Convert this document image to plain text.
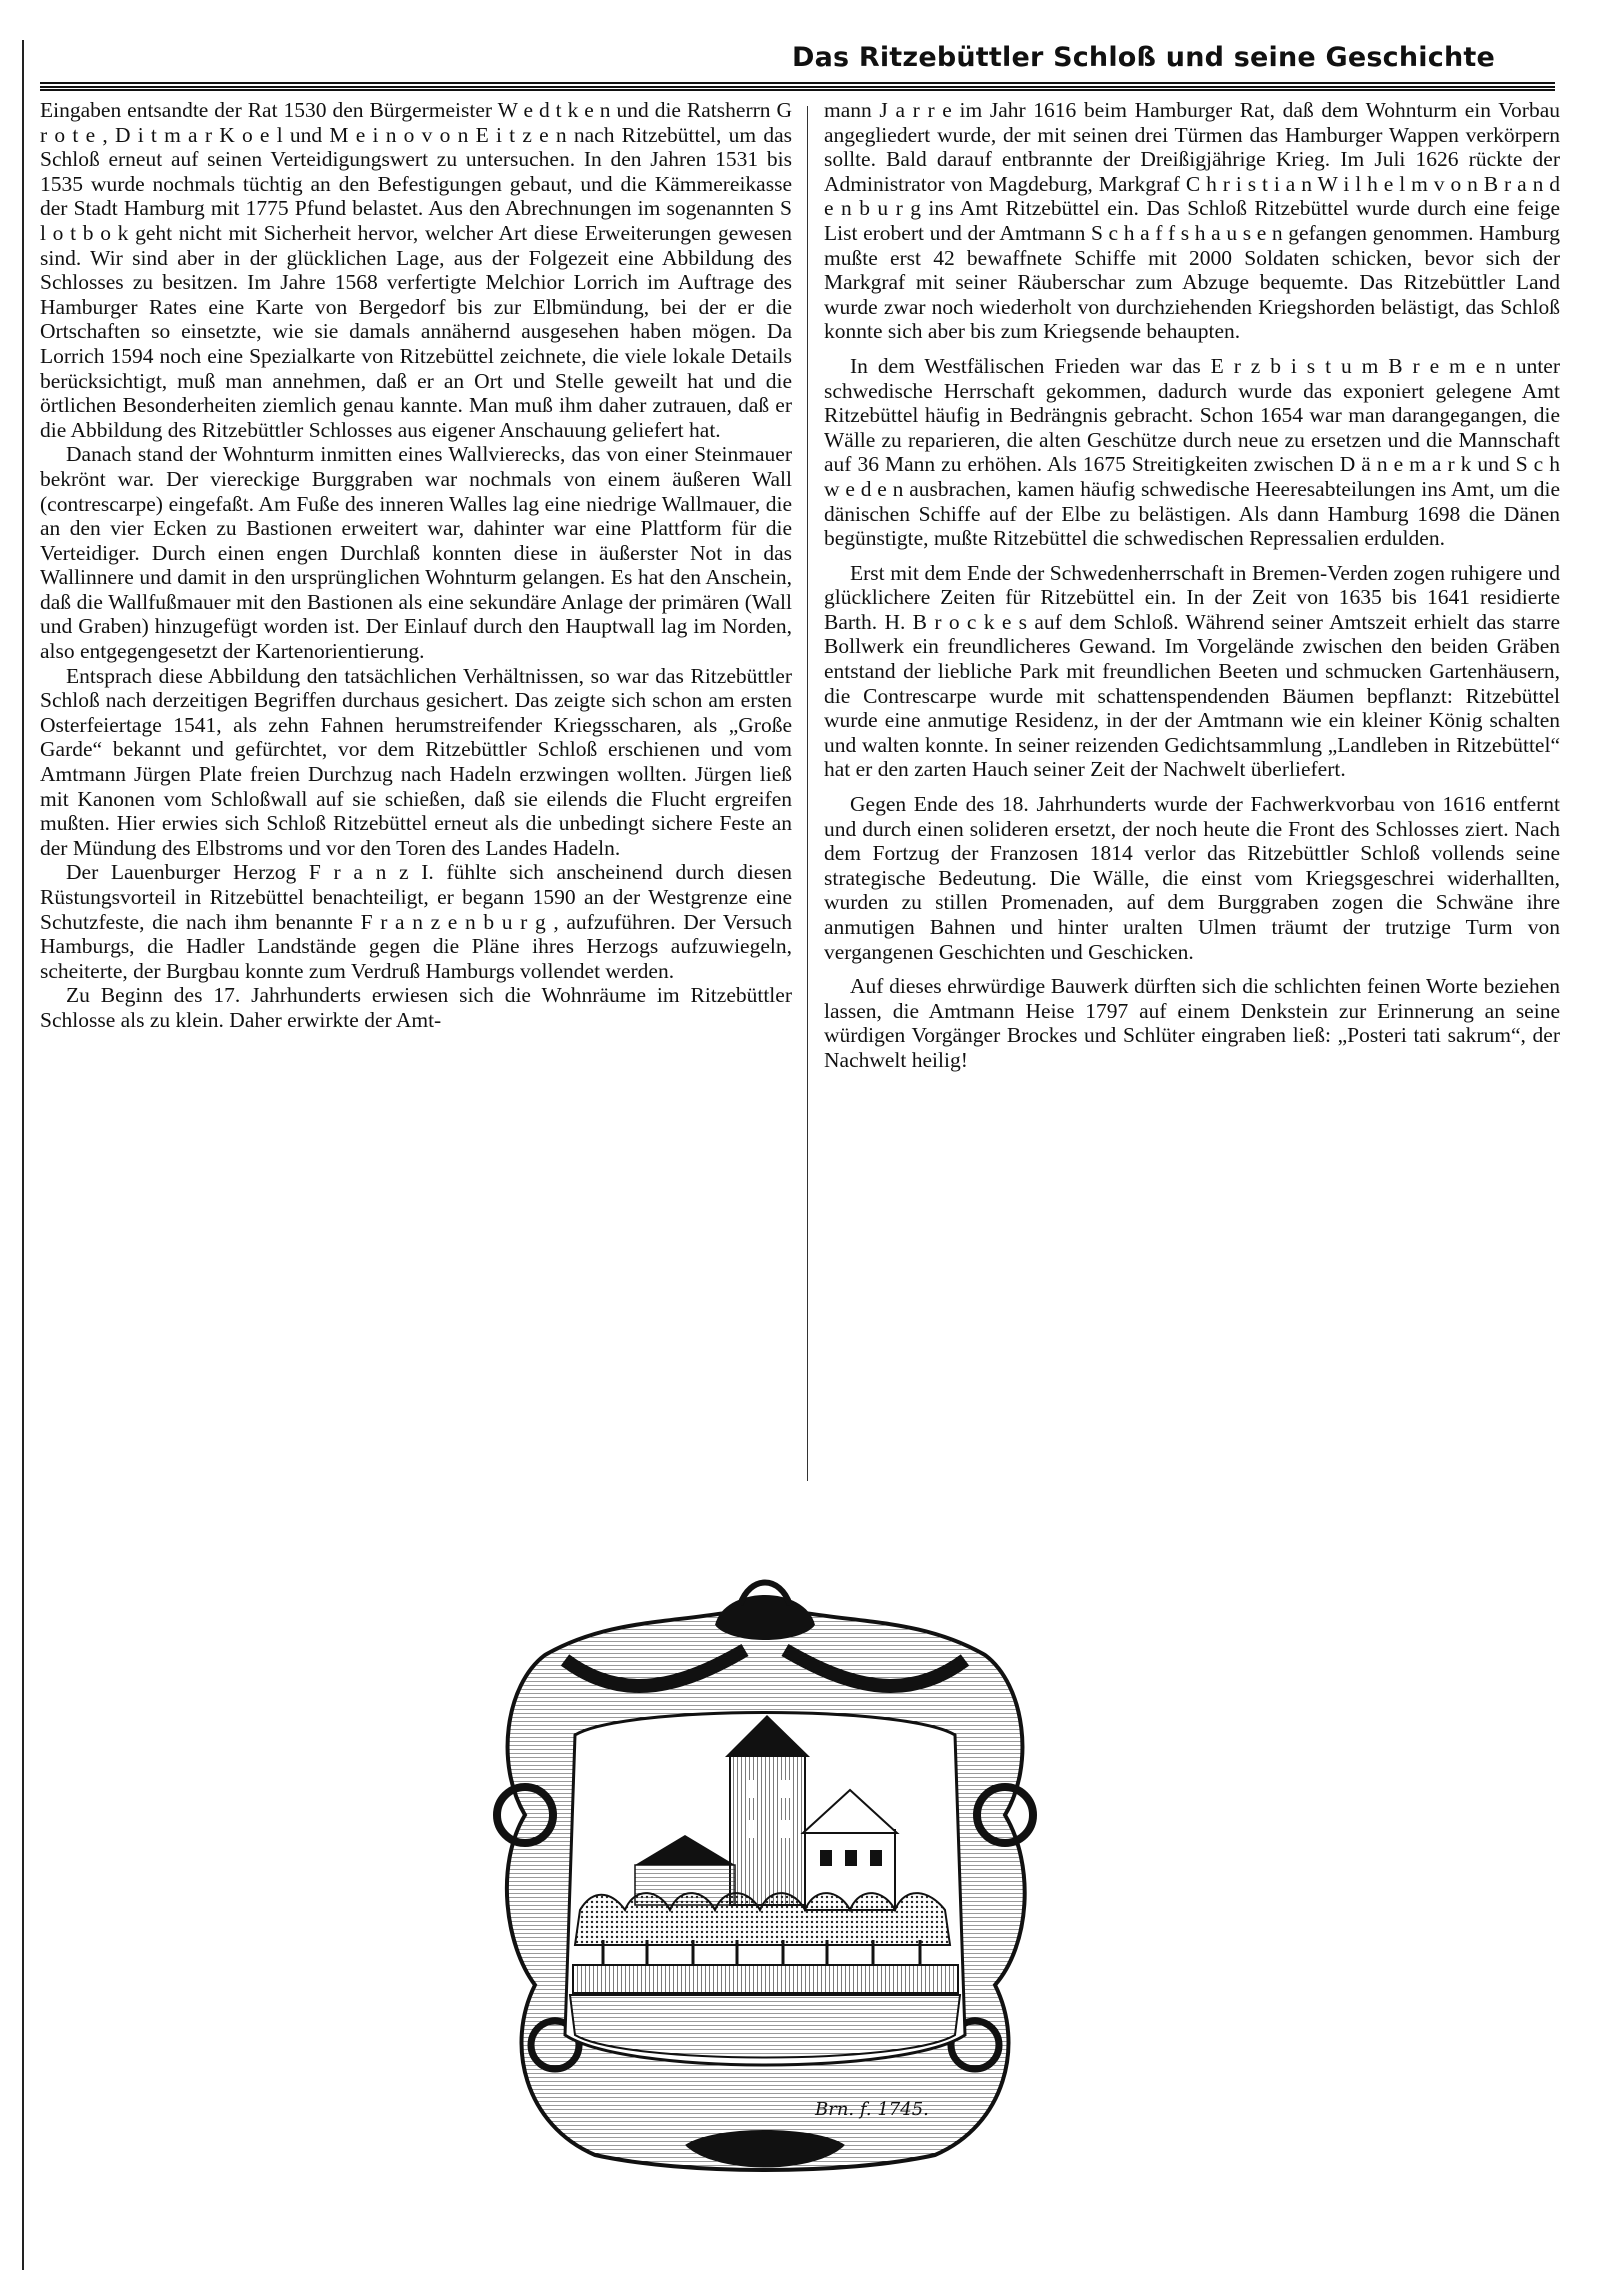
Das Ritzebüttler Schloß und seine Geschichte

Eingaben entsandte der Rat 1530 den Bürgermeister W e d t k e n und die Ratsherrn G r o t e , D i t m a r K o e l und M e i n o v o n E i t z e n nach Ritzebüttel, um das Schloß erneut auf seinen Verteidigungswert zu untersuchen. In den Jahren 1531 bis 1535 wurde nochmals tüchtig an den Befestigungen gebaut, und die Kämmereikasse der Stadt Hamburg mit 1775 Pfund belastet. Aus den Abrechnungen im sogenannten S l o t b o k geht nicht mit Sicherheit hervor, welcher Art diese Erweiterungen gewesen sind. Wir sind aber in der glücklichen Lage, aus der Folgezeit eine Abbildung des Schlosses zu besitzen. Im Jahre 1568 verfertigte Melchior Lorrich im Auftrage des Hamburger Rates eine Karte von Bergedorf bis zur Elbmündung, bei der er die Ortschaften so einsetzte, wie sie damals annähernd ausgesehen haben mögen. Da Lorrich 1594 noch eine Spezialkarte von Ritzebüttel zeichnete, die viele lokale Details berücksichtigt, muß man annehmen, daß er an Ort und Stelle geweilt hat und die örtlichen Besonderheiten ziemlich genau kannte. Man muß ihm daher zutrauen, daß er die Abbildung des Ritzebüttler Schlosses aus eigener Anschauung geliefert hat.

Danach stand der Wohnturm inmitten eines Wallvierecks, das von einer Steinmauer bekrönt war. Der viereckige Burggraben war nochmals von einem äußeren Wall (contrescarpe) eingefaßt. Am Fuße des inneren Walles lag eine niedrige Wallmauer, die an den vier Ecken zu Bastionen erweitert war, dahinter war eine Plattform für die Verteidiger. Durch einen engen Durchlaß konnten diese in äußerster Not in das Wallinnere und damit in den ursprünglichen Wohnturm gelangen. Es hat den Anschein, daß die Wallfußmauer mit den Bastionen als eine sekundäre Anlage der primären (Wall und Graben) hinzugefügt worden ist. Der Einlauf durch den Hauptwall lag im Norden, also entgegengesetzt der Kartenorientierung.

Entsprach diese Abbildung den tatsächlichen Verhältnissen, so war das Ritzebüttler Schloß nach derzeitigen Begriffen durchaus gesichert. Das zeigte sich schon am ersten Osterfeiertage 1541, als zehn Fahnen herumstreifender Kriegsscharen, als „Große Garde“ bekannt und gefürchtet, vor dem Ritzebüttler Schloß erschienen und vom Amtmann Jürgen Plate freien Durchzug nach Hadeln erzwingen wollten. Jürgen ließ mit Kanonen vom Schloßwall auf sie schießen, daß sie eilends die Flucht ergreifen mußten. Hier erwies sich Schloß Ritzebüttel erneut als die unbedingt sichere Feste an der Mündung des Elbstroms und vor den Toren des Landes Hadeln.

Der Lauenburger Herzog F r a n z I. fühlte sich anscheinend durch diesen Rüstungsvorteil in Ritzebüttel benachteiligt, er begann 1590 an der Westgrenze eine Schutzfeste, die nach ihm benannte F r a n z e n b u r g , aufzuführen. Der Versuch Hamburgs, die Hadler Landstände gegen die Pläne ihres Herzogs aufzuwiegeln, scheiterte, der Burgbau konnte zum Verdruß Hamburgs vollendet werden.

Zu Beginn des 17. Jahrhunderts erwiesen sich die Wohnräume im Ritzebüttler Schlosse als zu klein. Daher erwirkte der Amt-

mann J a r r e im Jahr 1616 beim Hamburger Rat, daß dem Wohnturm ein Vorbau angegliedert wurde, der mit seinen drei Türmen das Hamburger Wappen verkörpern sollte. Bald darauf entbrannte der Dreißigjährige Krieg. Im Juli 1626 rückte der Administrator von Magdeburg, Markgraf C h r i s t i a n W i l h e l m v o n B r a n d e n b u r g ins Amt Ritzebüttel ein. Das Schloß Ritzebüttel wurde durch eine feige List erobert und der Amtmann S c h a f f s h a u s e n gefangen genommen. Hamburg mußte erst 42 bewaffnete Schiffe mit 2000 Soldaten schicken, bevor sich der Markgraf mit seiner Räuberschar zum Abzuge bequemte. Das Ritzebüttler Land wurde zwar noch wiederholt von durchziehenden Kriegshorden belästigt, das Schloß konnte sich aber bis zum Kriegsende behaupten.

In dem Westfälischen Frieden war das E r z b i s t u m B r e m e n unter schwedische Herrschaft gekommen, dadurch wurde das exponiert gelegene Amt Ritzebüttel häufig in Bedrängnis gebracht. Schon 1654 war man darangegangen, die Wälle zu reparieren, die alten Geschütze durch neue zu ersetzen und die Mannschaft auf 36 Mann zu erhöhen. Als 1675 Streitigkeiten zwischen D ä n e m a r k und S c h w e d e n ausbrachen, kamen häufig schwedische Heeresabteilungen ins Amt, um die dänischen Schiffe auf der Elbe zu belästigen. Als dann Hamburg 1698 die Dänen begünstigte, mußte Ritzebüttel die schwedischen Repressalien erdulden.

Erst mit dem Ende der Schwedenherrschaft in Bremen-Verden zogen ruhigere und glücklichere Zeiten für Ritzebüttel ein. In der Zeit von 1635 bis 1641 residierte Barth. H. B r o c k e s auf dem Schloß. Während seiner Amtszeit erhielt das starre Bollwerk ein freundlicheres Gewand. Im Vorgelände zwischen den beiden Gräben entstand der liebliche Park mit freundlichen Beeten und schmucken Gartenhäusern, die Contrescarpe wurde mit schattenspendenden Bäumen bepflanzt: Ritzebüttel wurde eine anmutige Residenz, in der der Amtmann wie ein kleiner König schalten und walten konnte. In seiner reizenden Gedichtsammlung „Landleben in Ritzebüttel“ hat er den zarten Hauch seiner Zeit der Nachwelt überliefert.

Gegen Ende des 18. Jahrhunderts wurde der Fachwerkvorbau von 1616 entfernt und durch einen solideren ersetzt, der noch heute die Front des Schlosses ziert. Nach dem Fortzug der Franzosen 1814 verlor das Ritzebüttler Schloß vollends seine strategische Bedeutung. Die Wälle, die einst vom Kriegsgeschrei widerhallten, wurden zu stillen Promenaden, auf dem Burggraben zogen die Schwäne ihre anmutigen Bahnen und hinter uralten Ulmen träumt der trutzige Turm von vergangenen Geschichten und Geschicken.

Auf dieses ehrwürdige Bauwerk dürften sich die schlichten feinen Worte beziehen lassen, die Amtmann Heise 1797 auf einem Denkstein zur Erinnerung an seine würdigen Vorgänger Brockes und Schlüter eingraben ließ: „Posteri tati sakrum“, der Nachwelt heilig!

Brn. f. 1745.
